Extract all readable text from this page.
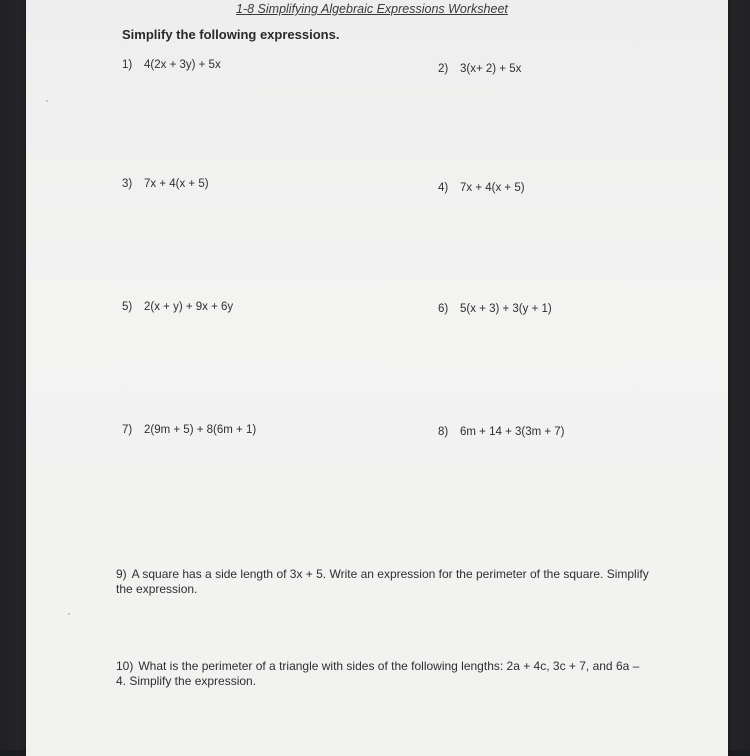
1-8 Simplifying Algebraic Expressions Worksheet
Simplify the following expressions.
1) 4(2x + 3y) + 5x	2) 3(x+ 2) + 5x
3) 7x + 4(x + 5)	4) 7x + 4(x + 5)
5) 2(x + y) + 9x + 6y	6) 5(x + 3) + 3(y + 1)
7) 2(9m + 5) + 8(6m + 1)	8) 6m + 14 + 3(3m + 7)
9) A square has a side length of 3x + 5. Write an expression for the perimeter of the square. Simplify the expression.
10) What is the perimeter of a triangle with sides of the following lengths: 2a + 4c, 3c + 7, and 6a – 4. Simplify the expression.
